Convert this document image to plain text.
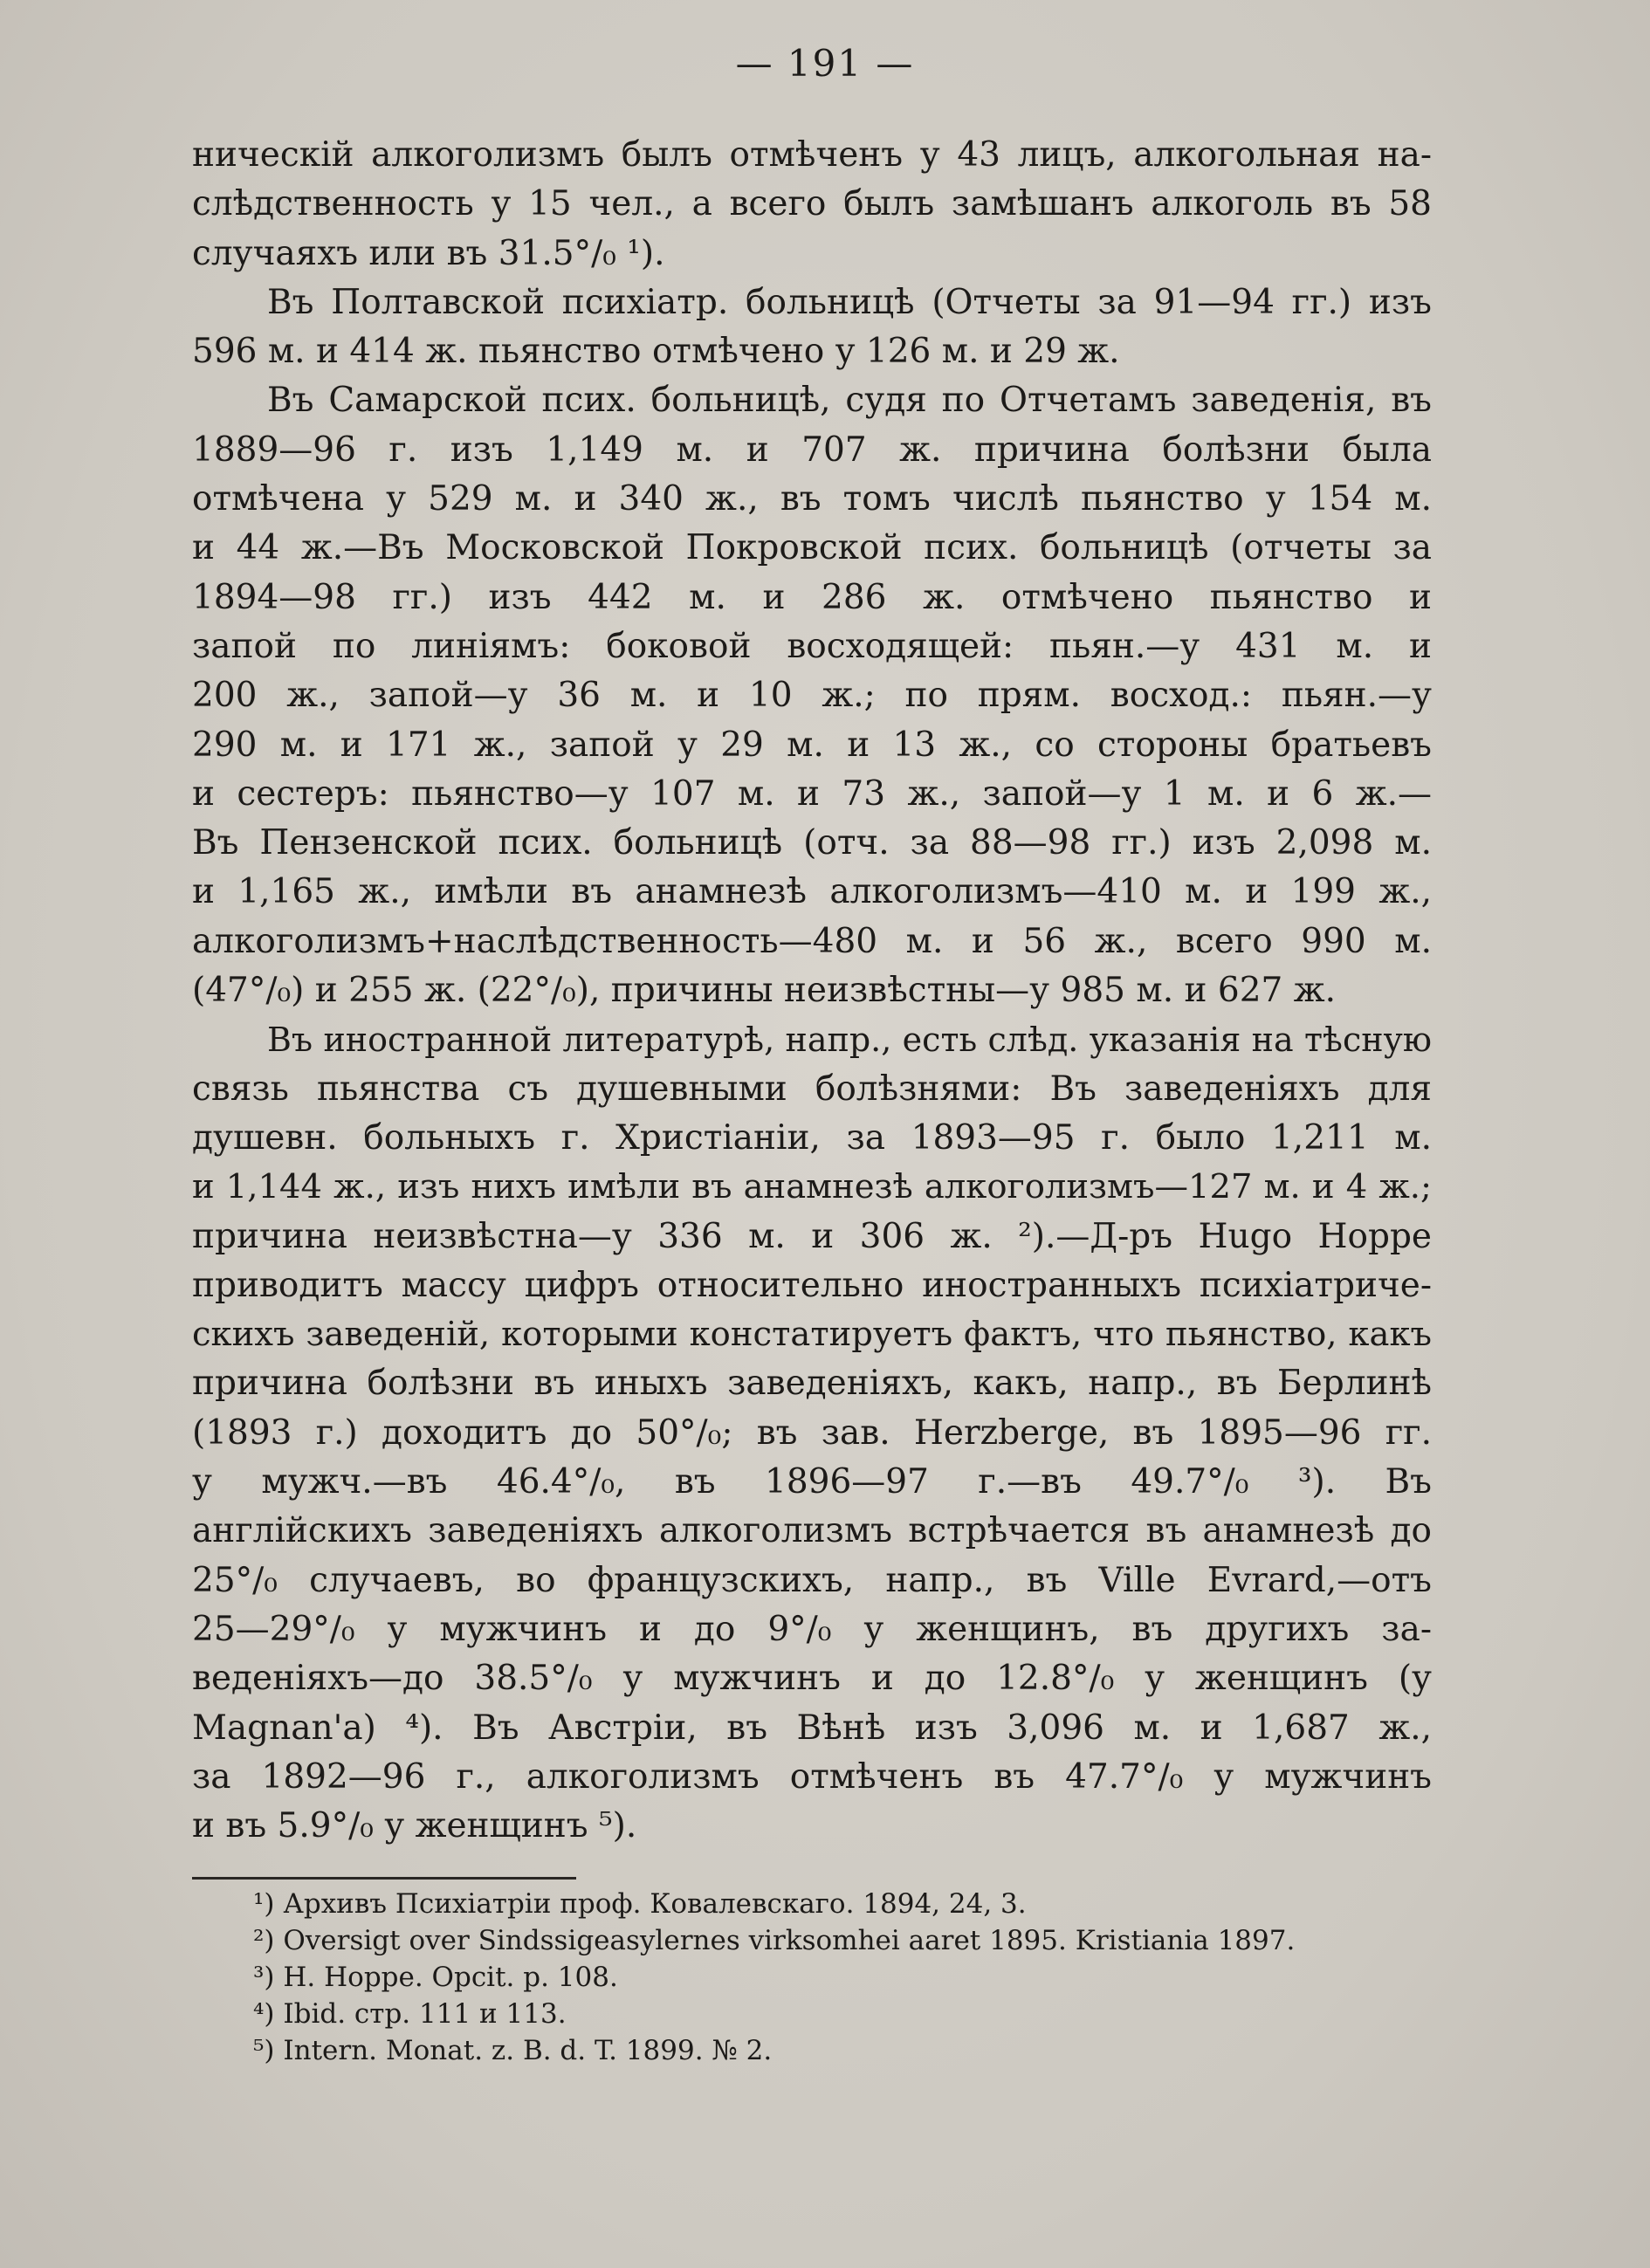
— 191 —
ническій алкоголизмъ былъ отмѣченъ у 43 лицъ, алкогольная на-
слѣдственность у 15 чел., а всего былъ замѣшанъ алкоголь въ 58
случаяхъ или въ 31.5°/₀ ¹).
Въ Полтавской психіатр. больницѣ (Отчеты за 91—94 гг.) изъ
596 м. и 414 ж. пьянство отмѣчено у 126 м. и 29 ж.
Въ Самарской псих. больницѣ, судя по Отчетамъ заведенія, въ
1889—96 г. изъ 1,149 м. и 707 ж. причина болѣзни была
отмѣчена у 529 м. и 340 ж., въ томъ числѣ пьянство у 154 м.
и 44 ж.—Въ Московской Покровской псих. больницѣ (отчеты за
1894—98 гг.) изъ 442 м. и 286 ж. отмѣчено пьянство и
запой по линіямъ: боковой восходящей: пьян.—у 431 м. и
200 ж., запой—у 36 м. и 10 ж.; по прям. восход.: пьян.—у
290 м. и 171 ж., запой у 29 м. и 13 ж., со стороны братьевъ
и сестеръ: пьянство—у 107 м. и 73 ж., запой—у 1 м. и 6 ж.—
Въ Пензенской псих. больницѣ (отч. за 88—98 гг.) изъ 2,098 м.
и 1,165 ж., имѣли въ анамнезѣ алкоголизмъ—410 м. и 199 ж.,
алкоголизмъ+наслѣдственность—480 м. и 56 ж., всего 990 м.
(47°/₀) и 255 ж. (22°/₀), причины неизвѣстны—у 985 м. и 627 ж.
Въ иностранной литературѣ, напр., есть слѣд. указанія на тѣсную
связь пьянства съ душевными болѣзнями: Въ заведеніяхъ для
душевн. больныхъ г. Христіаніи, за 1893—95 г. было 1,211 м.
и 1,144 ж., изъ нихъ имѣли въ анамнезѣ алкоголизмъ—127 м. и 4 ж.;
причина неизвѣстна—у 336 м. и 306 ж. ²).—Д-ръ Hugo Hoppe
приводитъ массу цифръ относительно иностранныхъ психіатриче-
скихъ заведеній, которыми констатируетъ фактъ, что пьянство, какъ
причина болѣзни въ иныхъ заведеніяхъ, какъ, напр., въ Берлинѣ
(1893 г.) доходитъ до 50°/₀; въ зав. Herzberge, въ 1895—96 гг.
у мужч.—въ 46.4°/₀, въ 1896—97 г.—въ 49.7°/₀ ³). Въ
англійскихъ заведеніяхъ алкоголизмъ встрѣчается въ анамнезѣ до
25°/₀ случаевъ, во французскихъ, напр., въ Ville Evrard,—отъ
25—29°/₀ у мужчинъ и до 9°/₀ у женщинъ, въ другихъ за-
веденіяхъ—до 38.5°/₀ у мужчинъ и до 12.8°/₀ у женщинъ (у
Magnan'a) ⁴). Въ Австріи, въ Вѣнѣ изъ 3,096 м. и 1,687 ж.,
за 1892—96 г., алкоголизмъ отмѣченъ въ 47.7°/₀ у мужчинъ
и въ 5.9°/₀ у женщинъ ⁵).
¹) Архивъ Психіатріи проф. Ковалевскаго. 1894, 24, 3.
²) Oversigt over Sindssigeasylernes virksomhei aaret 1895. Kristiania 1897.
³) H. Hoppe. Opcit. p. 108.
⁴) Ibid. стр. 111 и 113.
⁵) Intern. Monat. z. B. d. T. 1899. № 2.
